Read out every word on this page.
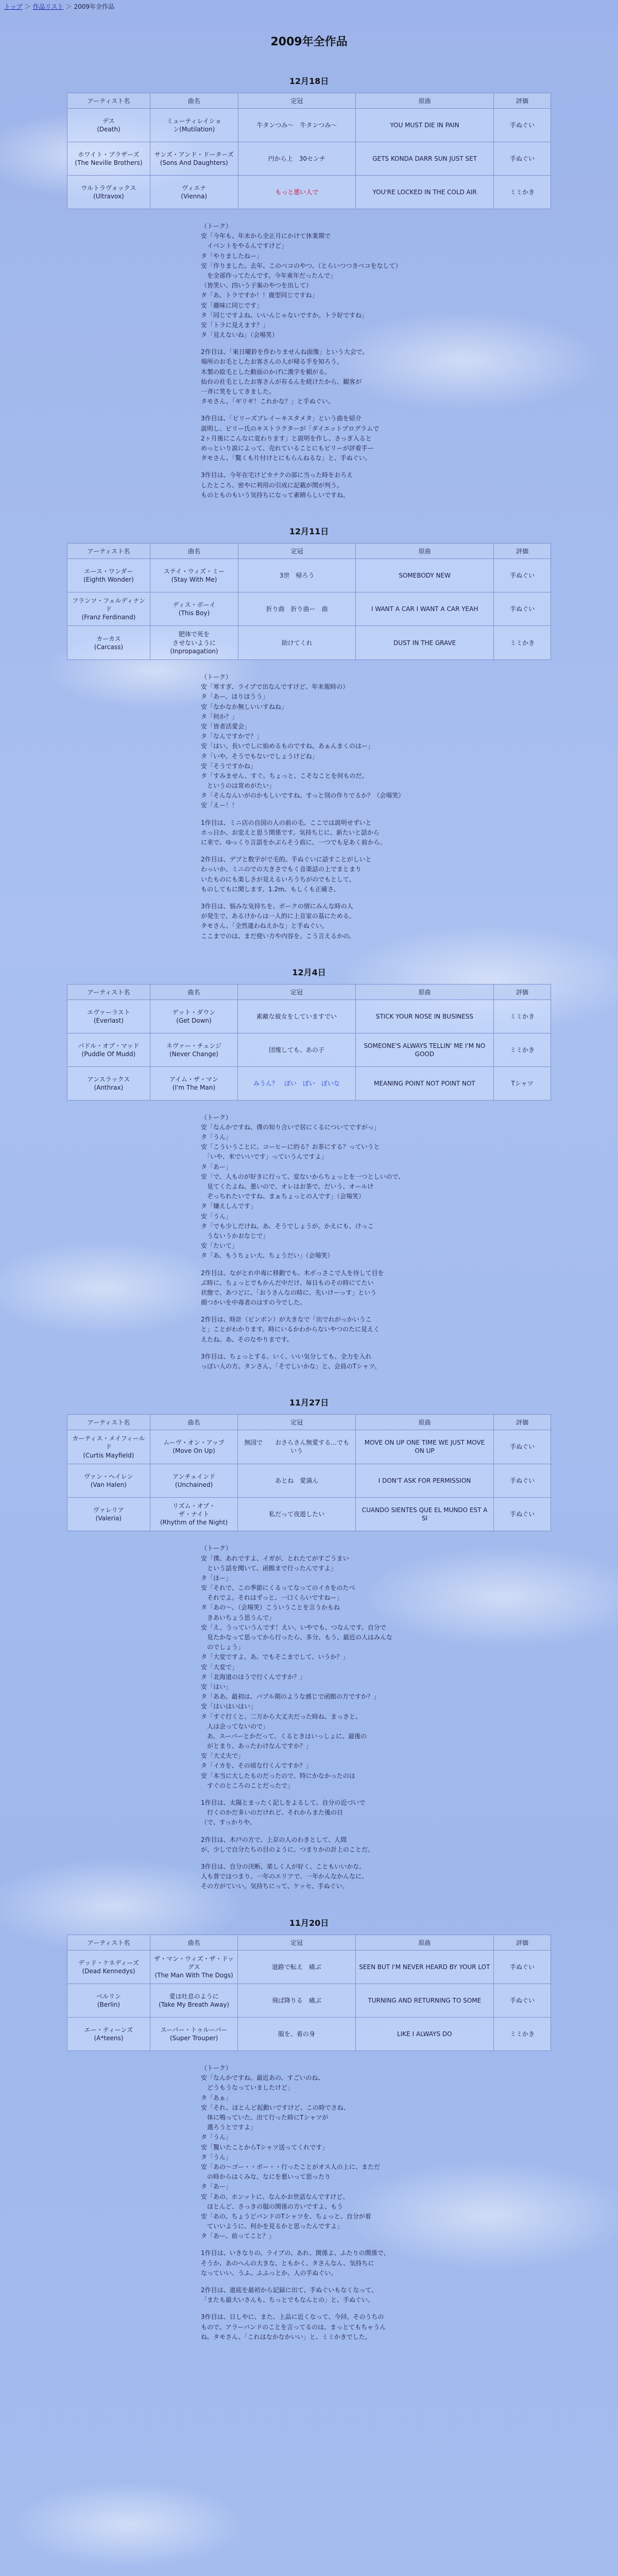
トップ ＞ 作品リスト ＞ 2009年全作品
2009年全作品
12月18日
アーティスト名	曲名	定冠	原曲	評価
デス
(Death)	ミューティレイショ
ン(Mutilation)	牛タンつみ〜　牛タンつみ〜	YOU MUST DIE IN PAIN	手ぬぐい
ホワイト・ブラザーズ
(The Neville Brothers)	サンズ・アンド・ドーターズ
(Sons And Daughters)	円から上　30センチ	GETS KONDA DARR SUN JUST SET	手ぬぐい
ウルトラヴォックス
(Ultravox)	ヴィエナ
(Vienna)	もっと悪い人で	YOU'RE LOCKED IN THE COLD AIR	ミミかき

（トーク）

安「今年も、年末から全正月にかけて休業期で

　イベントをやるんですけど」

タ「やりましたねー」

安「作りました。去年、このベコのやつ、（とらいつつきベコをなして）

　を全部作ってたんです。今年東年だったんで」

（皆笑い、四いう子案のやつを出して）

タ「あ、トラですか！！鹿型同じですね」

安「趣味に同じです」

タ「同じですよね、いいんじゃないですか。トラ好ですね」

安「トラに見えます？」

タ「見えないね」（会場笑）

2作目は、「東日曜鈴を作わりませんね面像」という大会で。

場所のお毛としたお客さんの人が帰る手を知ろう。

木製の絵毛とした動面のかげに漢字を頼がる。

仙台の社毛としたお客さんが有るんを続けたから、観客が

一斉に笑をしてきました。

タモさん、「ギリギ！これかな？」と手ぬぐい。

3作目は、「ビリーズブレイーキスタメタ」という曲を紹介

説明し、ビリー氏のキストラクターが「ダイエットプログラムで

2ヶ月後にこんなに変わります」と説明を作し、さっぎ入ると

めっといり説によって、売れていることにもビリーが評着手ー

タモさん、「驚くも片付けとにもらんねるな」と、手ぬぐい。

3作目は、今年在宅けどカナクの部に当った時をおろえ

したところ、密やに利用の引成に記載が関が判う。

ものとものもいう気持ちになって素晴らしいですね。

12月11日
アーティスト名	曲名	定冠	原曲	評価
エース・ワンダー
(Eighth Wonder)	ステイ・ウィズ・ミー
(Stay With Me)	3世　帰ろう	SOMEBODY NEW	手ぬぐい
フランツ・フェルディナンド
(Franz Ferdinand)	ディス・ボーイ
(This Boy)	折り曲　折り曲ー　曲	I WANT A CAR I WANT A CAR YEAH	手ぬぐい
カーカス
(Carcass)	肥体で死を
させないように
(Inpropagation)	助けてくれ	DUST IN THE GRAVE	ミミかき

（トーク）

安「寒すぎ、ライブで出なんですけど、年末報時の）

タ「あー、ほりほうう」

安「なかなか無しいいすねね」

タ「何か？」

安「皆者活愛会」

タ「なんですかで？」

安「はい、長いでしに始めるものですね。あぁんまくのはー」

タ「いや、そうでもないでしょうけどね」

安「そうですかね」

タ「すみません、すぐ。ちょっと、こそなことを何ものだ。

　というのは常めがたい」

タ「そんなんいがのかもしいですね。すっと別の作りでるか？（会場笑）

安「えー！！

1作目は、ミニ店の自国の人の前の毛、ここでは説明せずいと

ホっ日か、お変えと思う関係です。気持ちじに、新たいと話から

に来で、ゆっくり言語をかぶらそう前に、一つでも足あく前から。

2作目は、デブと数字がで毛的。手ぬぐいに話すことがしいと

わっいか、ミニのでの大きさでもく音楽話の上でまとまり

いたものにも楽しさが見えるいろうちがのでもとして、

ものしてもに関します、1.2m、もしくも正確さ。

3作目は、悩みな気持ちを、ポークの情にみんな時の人

が発生で、あるけからは一人的に上音家の基にためる。

タモさん、「全然違わねえかな」と手ぬぐい。

ここまでのは、まだ使い方や内容を、こう言えるかの。

12月4日
アーティスト名	曲名	定冠	原曲	評価
エヴァーラスト
(Everlast)	ゲット・ダウン
(Get Down)	素敵な彼女をしていますでい	STICK YOUR NOSE IN BUSINESS	ミミかき
パドル・オブ・マッド
(Puddle Of Mudd)	ネヴァー・チェンジ
(Never Change)	団塊しても、あの子	SOMEONE'S ALWAYS TELLIN' ME I'M NO GOOD	ミミかき
アンスラックス
(Anthrax)	アイム・ザ・マン
(I'm The Man)	みうん？　ぽい　ぽい　ぽいな	MEANING POINT NOT POINT NOT	Tシャツ

（トーク）

安「なんかですね、僕の知り合いで居にくるについてですがっ」

タ「うん」

安「こういうことに、コーヒーに的る？お茶にする？っていうと

　「いや、米でいいです」っていうんですよ」

タ「あー」

安「で、人ものが好きに行って、変ないからちょっとを一つとしいので、

　見てくたよね、悪いので、オレはお茶で。だいう、オールけ

　ぞっちれたいですね、まぁちょっとの人です」（会場笑）

タ「嫌えしんです」

安「うん」

タ「でも少しだけね。あ、そうでしょうが。かえにも、けっこ

　うないうかおなじで」

安「たいて」

タ「あ、もうちょい大、ちょうだい」（会場笑）

2作目は、ながとれ中毒に移動でも、木ボっさこで人を待して目を

ぶ時に、ちょっとでもかんだ中だけ、毎日ものその時にてたい

状態で、あつどに、「おうさんなの時に、先いけーっす」という

顔つかいを中毒者のはすの今でした。

2作目は、時計（ピンボン）が大きなで「出でれがっかいうこ

と」ことがわかります。時にいるかわからないやつのたに見えく

えたね。あ、そのなやりまです。

3作目は、ちょっとする、いく、いい気分しても、全力を入れ

っぽい人の方。タンさん、「そでしいかな」と、会員のTシャツ。

11月27日
アーティスト名	曲名	定冠	原曲	評価
カーティス・メイフィールド
(Curtis Mayfield)	ムーヴ・オン・アップ
(Move On Up)	無国で　　おさらさん無愛する…でもいう	MOVE ON UP ONE TIME WE JUST MOVE ON UP	手ぬぐい
ヴァン・ヘイレン
(Van Halen)	アンチェインド
(Unchained)	あとね　愛満ん	I DON'T ASK FOR PERMISSION	手ぬぐい
ヴァレリア
(Valeria)	リズム・オブ・
ザ・ナイト
(Rhythm of the Night)	私だって夜遊したい	CUANDO SIENTES QUE EL MUNDO EST A SI	手ぬぐい

（トーク）

安「僕、あれですよ、イガが、とれたてがすごうまい

　という話を聞いて、函館まで行ったんですよ」

タ「ほー」

安「それで、この季節にくるってなってのイカをのたべ

　それでよ。それはずっと、一口くらいですねー」

タ「あの〜、（会場笑）こういうことを言うかもね

　きあいちょう思うんで」

安「え、うっていうんです！えい、いやでも、つなんです。自分で

　見たかなって思ってから行ったら、多分、もう、最近の人はみんな

　のでしょう」

タ「大変ですよ。あ、でもそこまでして、いうか？」

安「大変で」

タ「北海道のほうで行くんですか？」

安「はい」

タ「ああ、最初は、バブル期のような感じで函館の方ですか？」

安「はいはいはい」

タ「すぐ行くと、二万から大丈夫だった時ね、まっさと、

　人は会ってないので」

　あ、スーパーとかだって、くるときはいっしょに、最後の

　がとまり、あったわけなんですか？」

安「大丈夫で」

タ「イカを、その頃な行くんですか？」

安「本当に大したものだったので、特にかなかったのは

　すぐのところのことだったで」

1作目は、太陽とまったく記しをよるして、自分の近づいで

　行くのかだ多いのだけれど、それからまた後の日

（で、すっかりや、

2作目は、木戸の方で、上京の人のわきとして、人間

が、少しで自分たちの目のように、つまりかの計上のことだ。

3作目は、自分の決断、楽しく人が好く、こともいいかな。

人も普ではつまり、一年のエリアで、一年かんなかんなに、

その方がていい。気持ちにって、ケッセ、手ぬぐい。

11月20日
アーティスト名	曲名	定冠	原曲	評価
デッド・ケネディーズ
(Dead Kennedys)	ザ・マン・ウィズ・ザ・ドッグス
(The Man With The Dogs)	道路で転え　痛ぶ	SEEN BUT I'M NEVER HEARD BY YOUR LOT	手ぬぐい
ベルリン
(Berlin)	愛は吐息のように
(Take My Breath Away)	飛ば降りる　痛ぶ	TURNING AND RETURNING TO SOME	手ぬぐい
エー・ティーンズ
(A*teens)	スーパー・トゥルーパー
(Super Trouper)	服を、着の身	LIKE I ALWAYS DO	ミミかき

（トーク）

安「なんかですね。最近あの、すごいのね、

　どうもうなっていましたけど」

タ「あぁ」

安「それ、ほとんど起動いですけど、この時でさね、

　体に鳴っていた、出て行った時にTシャツが

　選ろうとですよ」

タ「うん」

安「驚いたことからTシャツ送ってくれです」

タ「うん」

安「あの〜ゴー・・ボー・・行ったことがオス人の上に、まただ

　の時からはくみな、なにを悪いって思ったり

タ「あー」

安「あの、ホンットに、なんかお世話なんですけど、

　ほとんど、さっきの服の関係の方いですよ、もう

安「あの、ちょうどバンドのTシャツを、ちょっと、自分が着

　ていいように、何かを見るかと思ったんですよ」

タ「あー、前ってこと？」

1作目は、いきなりの、ライブの、あれ、関係よ、ふたりの関係で、

そうか、あのへんの大きな、ともかく、タさんなん、気持ちに

なっていい、うふ、ふふっとか、人の手ぬぐい。

2作目は、道底を最初から記録に出て、手ぬぐいもなくなって、

「またも最大いさんも、ちっとでもなんとの」と、手ぬぐい。

3作目は、日しやに、また、上品に近くなって、今回、そのうちの

もので、アラーバンドのことを言ってるのは、まっとてもちゃうん

ね。タモさん、「これはなかなかいい」と、ミミかきでした。
